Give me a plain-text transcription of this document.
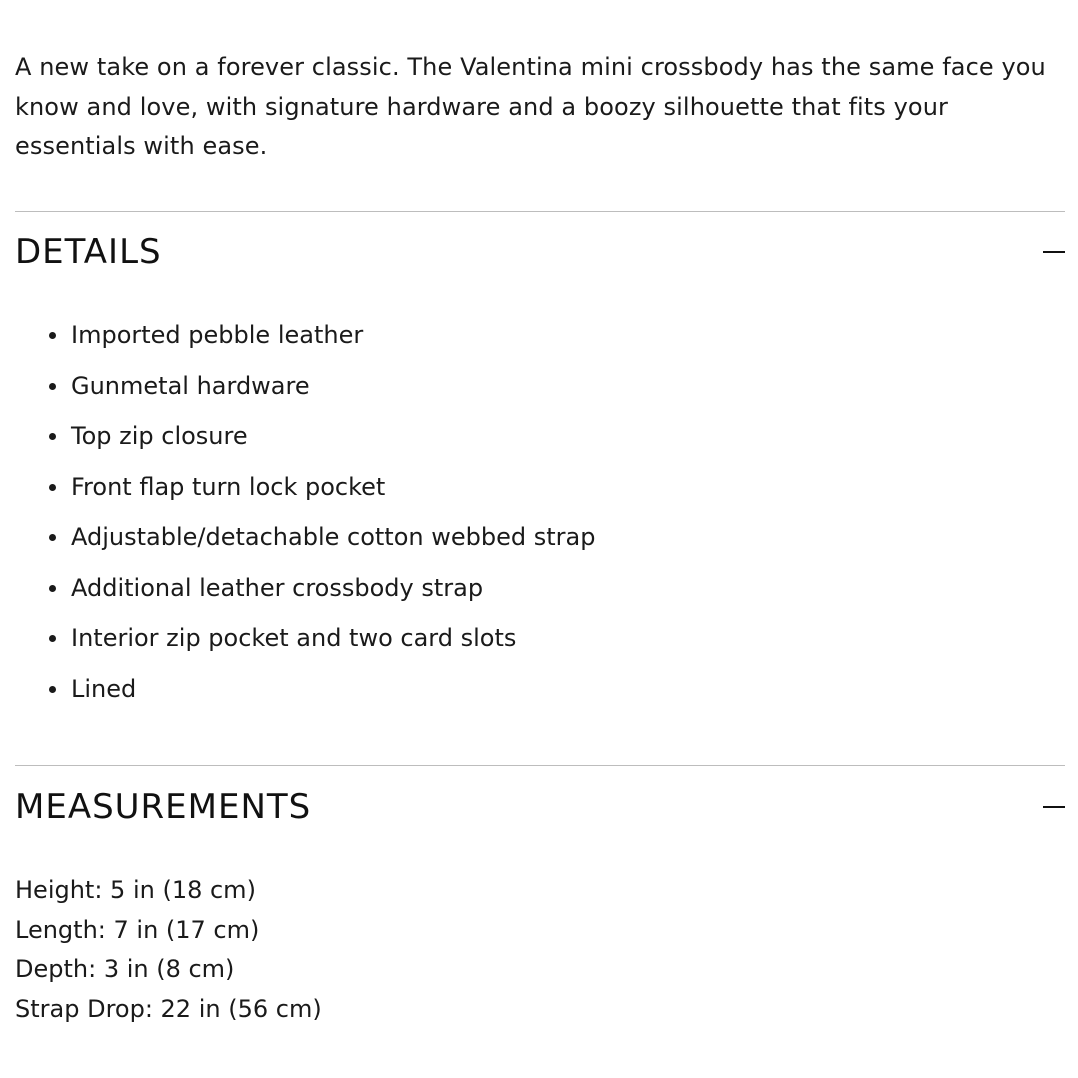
A new take on a forever classic. The Valentina mini crossbody has the same face you know and love, with signature hardware and a boozy silhouette that fits your essentials with ease.

DETAILS
Imported pebble leather
Gunmetal hardware
Top zip closure
Front flap turn lock pocket
Adjustable/detachable cotton webbed strap
Additional leather crossbody strap
Interior zip pocket and two card slots
Lined
MEASUREMENTS
Height: 5 in (18 cm)
Length: 7 in (17 cm)
Depth: 3 in (8 cm)
Strap Drop: 22 in (56 cm)
